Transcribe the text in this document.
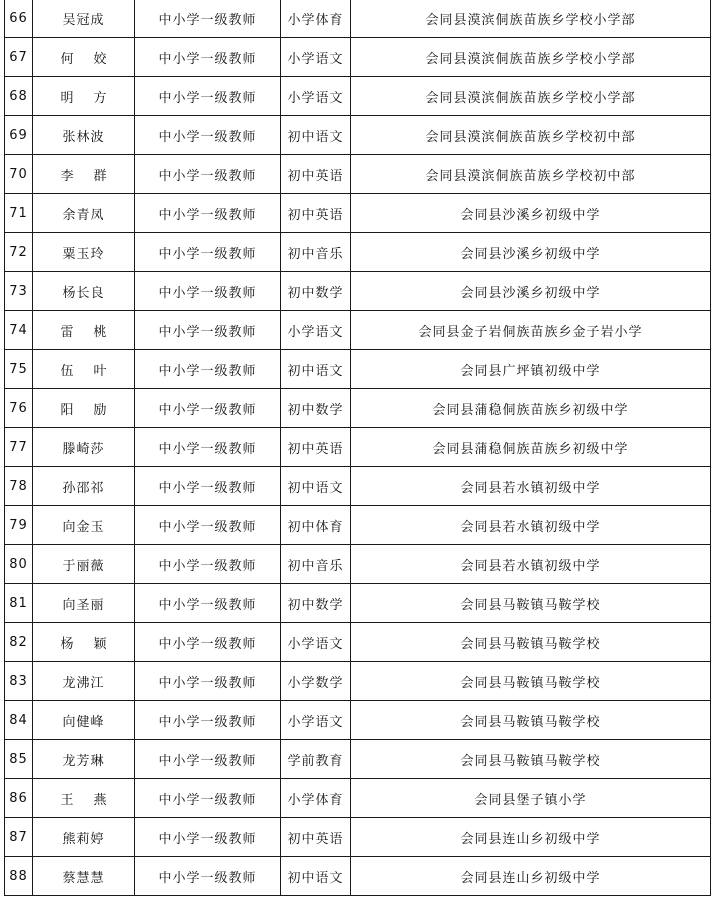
66	吴冠成	中小学一级教师	小学体育	会同县漠滨侗族苗族乡学校小学部
67	何姣	中小学一级教师	小学语文	会同县漠滨侗族苗族乡学校小学部
68	明方	中小学一级教师	小学语文	会同县漠滨侗族苗族乡学校小学部
69	张林波	中小学一级教师	初中语文	会同县漠滨侗族苗族乡学校初中部
70	李群	中小学一级教师	初中英语	会同县漠滨侗族苗族乡学校初中部
71	余青凤	中小学一级教师	初中英语	会同县沙溪乡初级中学
72	粟玉玲	中小学一级教师	初中音乐	会同县沙溪乡初级中学
73	杨长良	中小学一级教师	初中数学	会同县沙溪乡初级中学
74	雷桃	中小学一级教师	小学语文	会同县金子岩侗族苗族乡金子岩小学
75	伍叶	中小学一级教师	初中语文	会同县广坪镇初级中学
76	阳励	中小学一级教师	初中数学	会同县蒲稳侗族苗族乡初级中学
77	滕崎莎	中小学一级教师	初中英语	会同县蒲稳侗族苗族乡初级中学
78	孙邵祁	中小学一级教师	初中语文	会同县若水镇初级中学
79	向金玉	中小学一级教师	初中体育	会同县若水镇初级中学
80	于丽薇	中小学一级教师	初中音乐	会同县若水镇初级中学
81	向圣丽	中小学一级教师	初中数学	会同县马鞍镇马鞍学校
82	杨颖	中小学一级教师	小学语文	会同县马鞍镇马鞍学校
83	龙沸江	中小学一级教师	小学数学	会同县马鞍镇马鞍学校
84	向健峰	中小学一级教师	小学语文	会同县马鞍镇马鞍学校
85	龙芳琳	中小学一级教师	学前教育	会同县马鞍镇马鞍学校
86	王燕	中小学一级教师	小学体育	会同县堡子镇小学
87	熊莉婷	中小学一级教师	初中英语	会同县连山乡初级中学
88	蔡慧慧	中小学一级教师	初中语文	会同县连山乡初级中学
